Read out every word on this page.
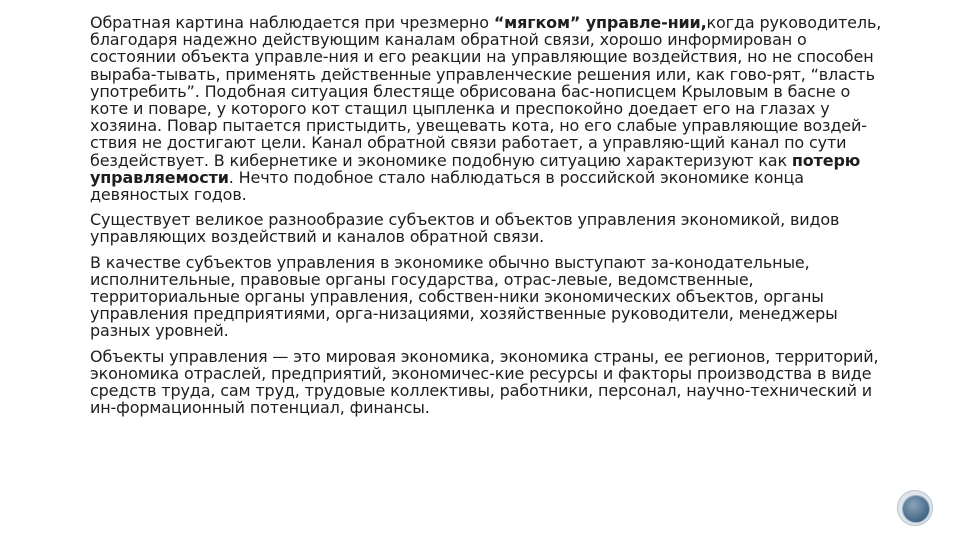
Обратная картина наблюдается при чрезмерно “мягком” управле-нии,когда руководитель, благодаря надежно действующим каналам обратной связи, хорошо информирован о состоянии объекта управле-ния и его реакции на управляющие воздействия, но не способен выраба-тывать, применять действенные управленческие решения или, как гово-рят, “власть употребить”. Подобная ситуация блестяще обрисована бас-нописцем Крыловым в басне о коте и поваре, у которого кот стащил цыпленка и преспокойно доедает его на глазах у хозяина. Повар пытается пристыдить, увещевать кота, но его слабые управляющие воздей-ствия не достигают цели. Канал обратной связи работает, а управляю-щий канал по сути бездействует. В кибернетике и экономике подобную ситуацию характеризуют как потерю управляемости. Нечто подобное стало наблюдаться в российской экономике конца девяностых годов.

Существует великое разнообразие субъектов и объектов управления экономикой, видов управляющих воздействий и каналов обратной связи.

В качестве субъектов управления в экономике обычно выступают за-конодательные, исполнительные, правовые органы государства, отрас-левые, ведомственные, территориальные органы управления, собствен-ники экономических объектов, органы управления предприятиями, орга-низациями, хозяйственные руководители, менеджеры разных уровней.

Объекты управления — это мировая экономика, экономика страны, ее регионов, территорий, экономика отраслей, предприятий, экономичес-кие ресурсы и факторы производства в виде средств труда, сам труд, трудовые коллективы, работники, персонал, научно-технический и ин-формационный потенциал, финансы.
